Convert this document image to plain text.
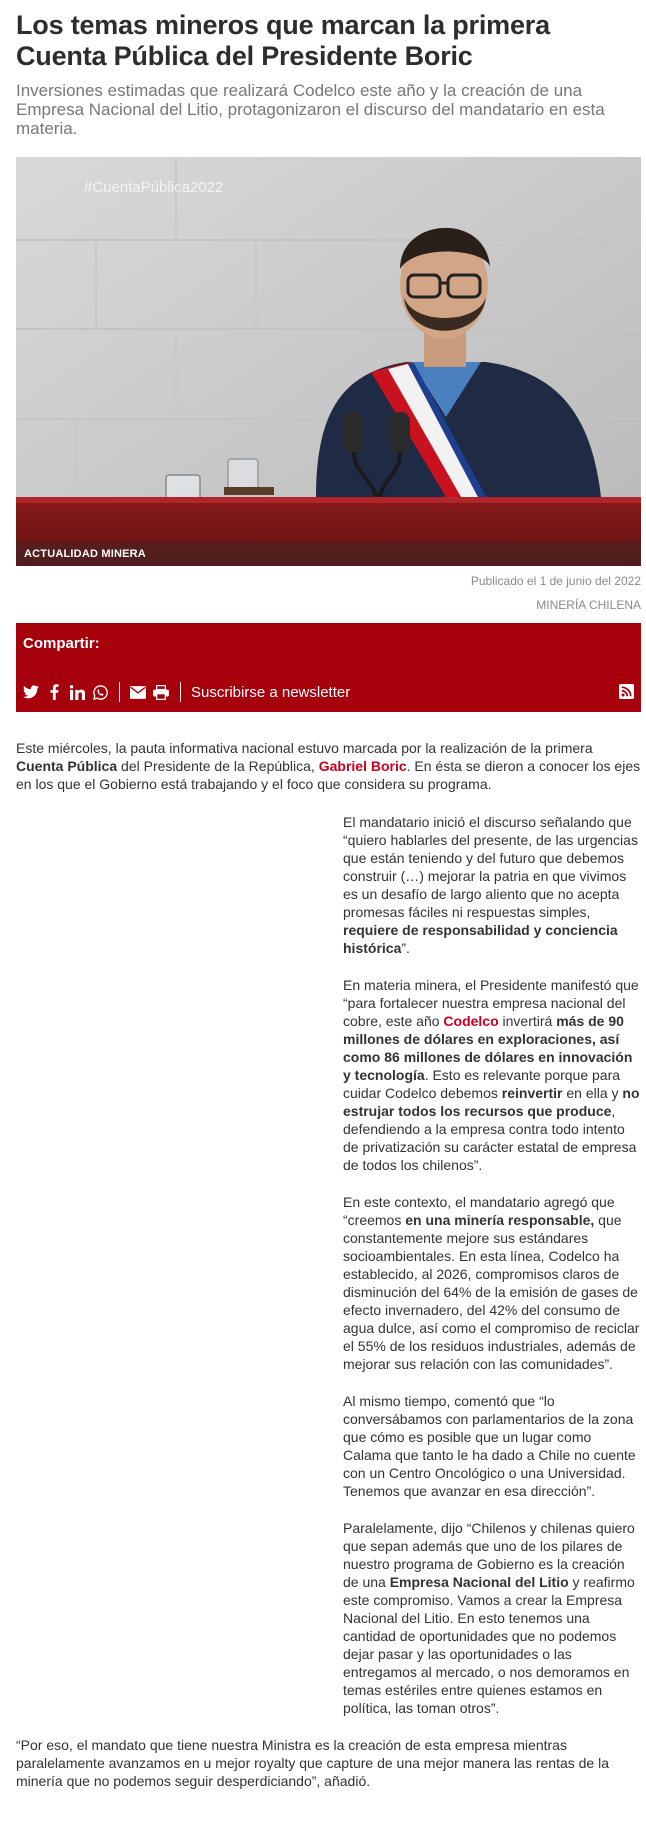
Los temas mineros que marcan la primera Cuenta Pública del Presidente Boric

Inversiones estimadas que realizará Codelco este año y la creación de una Empresa Nacional del Litio, protagonizaron el discurso del mandatario en esta materia.

#CuentaPública2022
ACTUALIDAD MINERA
Publicado el 1 de junio del 2022
MINERÍA CHILENA
Compartir:
Suscribirse a newsletter

Este miércoles, la pauta informativa nacional estuvo marcada por la realización de la primera Cuenta Pública del Presidente de la República, Gabriel Boric. En ésta se dieron a conocer los ejes en los que el Gobierno está trabajando y el foco que considera su programa.

El mandatario inició el discurso señalando que “quiero hablarles del presente, de las urgencias que están teniendo y del futuro que debemos construir (…) mejorar la patria en que vivimos es un desafío de largo aliento que no acepta promesas fáciles ni respuestas simples, requiere de responsabilidad y conciencia histórica”.

En materia minera, el Presidente manifestó que “para fortalecer nuestra empresa nacional del cobre, este año Codelco invertirá más de 90 millones de dólares en exploraciones, así como 86 millones de dólares en innovación y tecnología. Esto es relevante porque para cuidar Codelco debemos reinvertir en ella y no estrujar todos los recursos que produce, defendiendo a la empresa contra todo intento de privatización su carácter estatal de empresa de todos los chilenos”.

En este contexto, el mandatario agregó que “creemos en una minería responsable, que constantemente mejore sus estándares socioambientales. En esta línea, Codelco ha establecido, al 2026, compromisos claros de disminución del 64% de la emisión de gases de efecto invernadero, del 42% del consumo de agua dulce, así como el compromiso de reciclar el 55% de los residuos industriales, además de mejorar sus relación con las comunidades”.

Al mismo tiempo, comentó que “lo conversábamos con parlamentarios de la zona que cómo es posible que un lugar como Calama que tanto le ha dado a Chile no cuente con un Centro Oncológico o una Universidad. Tenemos que avanzar en esa dirección”.

Paralelamente, dijo “Chilenos y chilenas quiero que sepan además que uno de los pilares de nuestro programa de Gobierno es la creación de una Empresa Nacional del Litio y reafirmo este compromiso. Vamos a crear la Empresa Nacional del Litio. En esto tenemos una cantidad de oportunidades que no podemos dejar pasar y las oportunidades o las entregamos al mercado, o nos demoramos en temas estériles entre quienes estamos en política, las toman otros”.

“Por eso, el mandato que tiene nuestra Ministra es la creación de esta empresa mientras paralelamente avanzamos en u mejor royalty que capture de una mejor manera las rentas de la minería que no podemos seguir desperdiciando”, añadió.
